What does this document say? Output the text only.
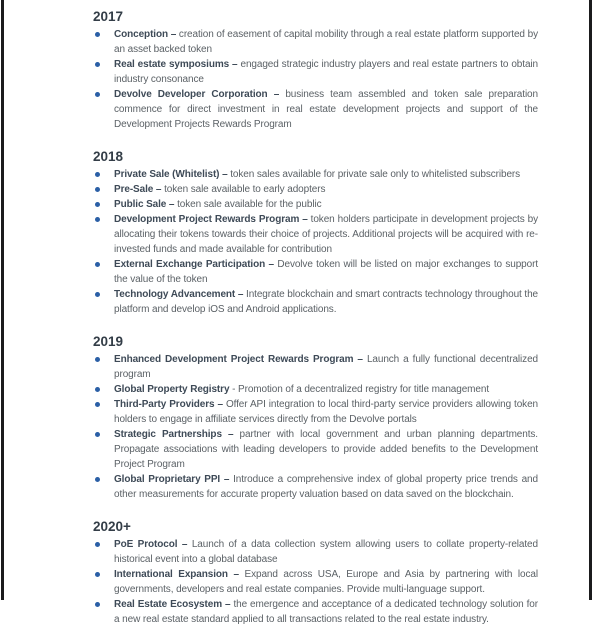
2017
Conception – creation of easement of capital mobility through a real estate platform supported by an asset backed token
Real estate symposiums – engaged strategic industry players and real estate partners to obtain industry consonance
Devolve Developer Corporation – business team assembled and token sale preparation commence for direct investment in real estate development projects and support of the Development Projects Rewards Program
2018
Private Sale (Whitelist) – token sales available for private sale only to whitelisted subscribers
Pre-Sale – token sale available to early adopters
Public Sale – token sale available for the public
Development Project Rewards Program – token holders participate in development projects by allocating their tokens towards their choice of projects. Additional projects will be acquired with re-invested funds and made available for contribution
External Exchange Participation – Devolve token will be listed on major exchanges to support the value of the token
Technology Advancement – Integrate blockchain and smart contracts technology throughout the platform and develop iOS and Android applications.
2019
Enhanced Development Project Rewards Program – Launch a fully functional decentralized program
Global Property Registry - Promotion of a decentralized registry for title management
Third-Party Providers – Offer API integration to local third-party service providers allowing token holders to engage in affiliate services directly from the Devolve portals
Strategic Partnerships – partner with local government and urban planning departments. Propagate associations with leading developers to provide added benefits to the Development Project Program
Global Proprietary PPI – Introduce a comprehensive index of global property price trends and other measurements for accurate property valuation based on data saved on the blockchain.
2020+
PoE Protocol – Launch of a data collection system allowing users to collate property-related historical event into a global database
International Expansion – Expand across USA, Europe and Asia by partnering with local governments, developers and real estate companies. Provide multi-language support.
Real Estate Ecosystem – the emergence and acceptance of a dedicated technology solution for a new real estate standard applied to all transactions related to the real estate industry.
